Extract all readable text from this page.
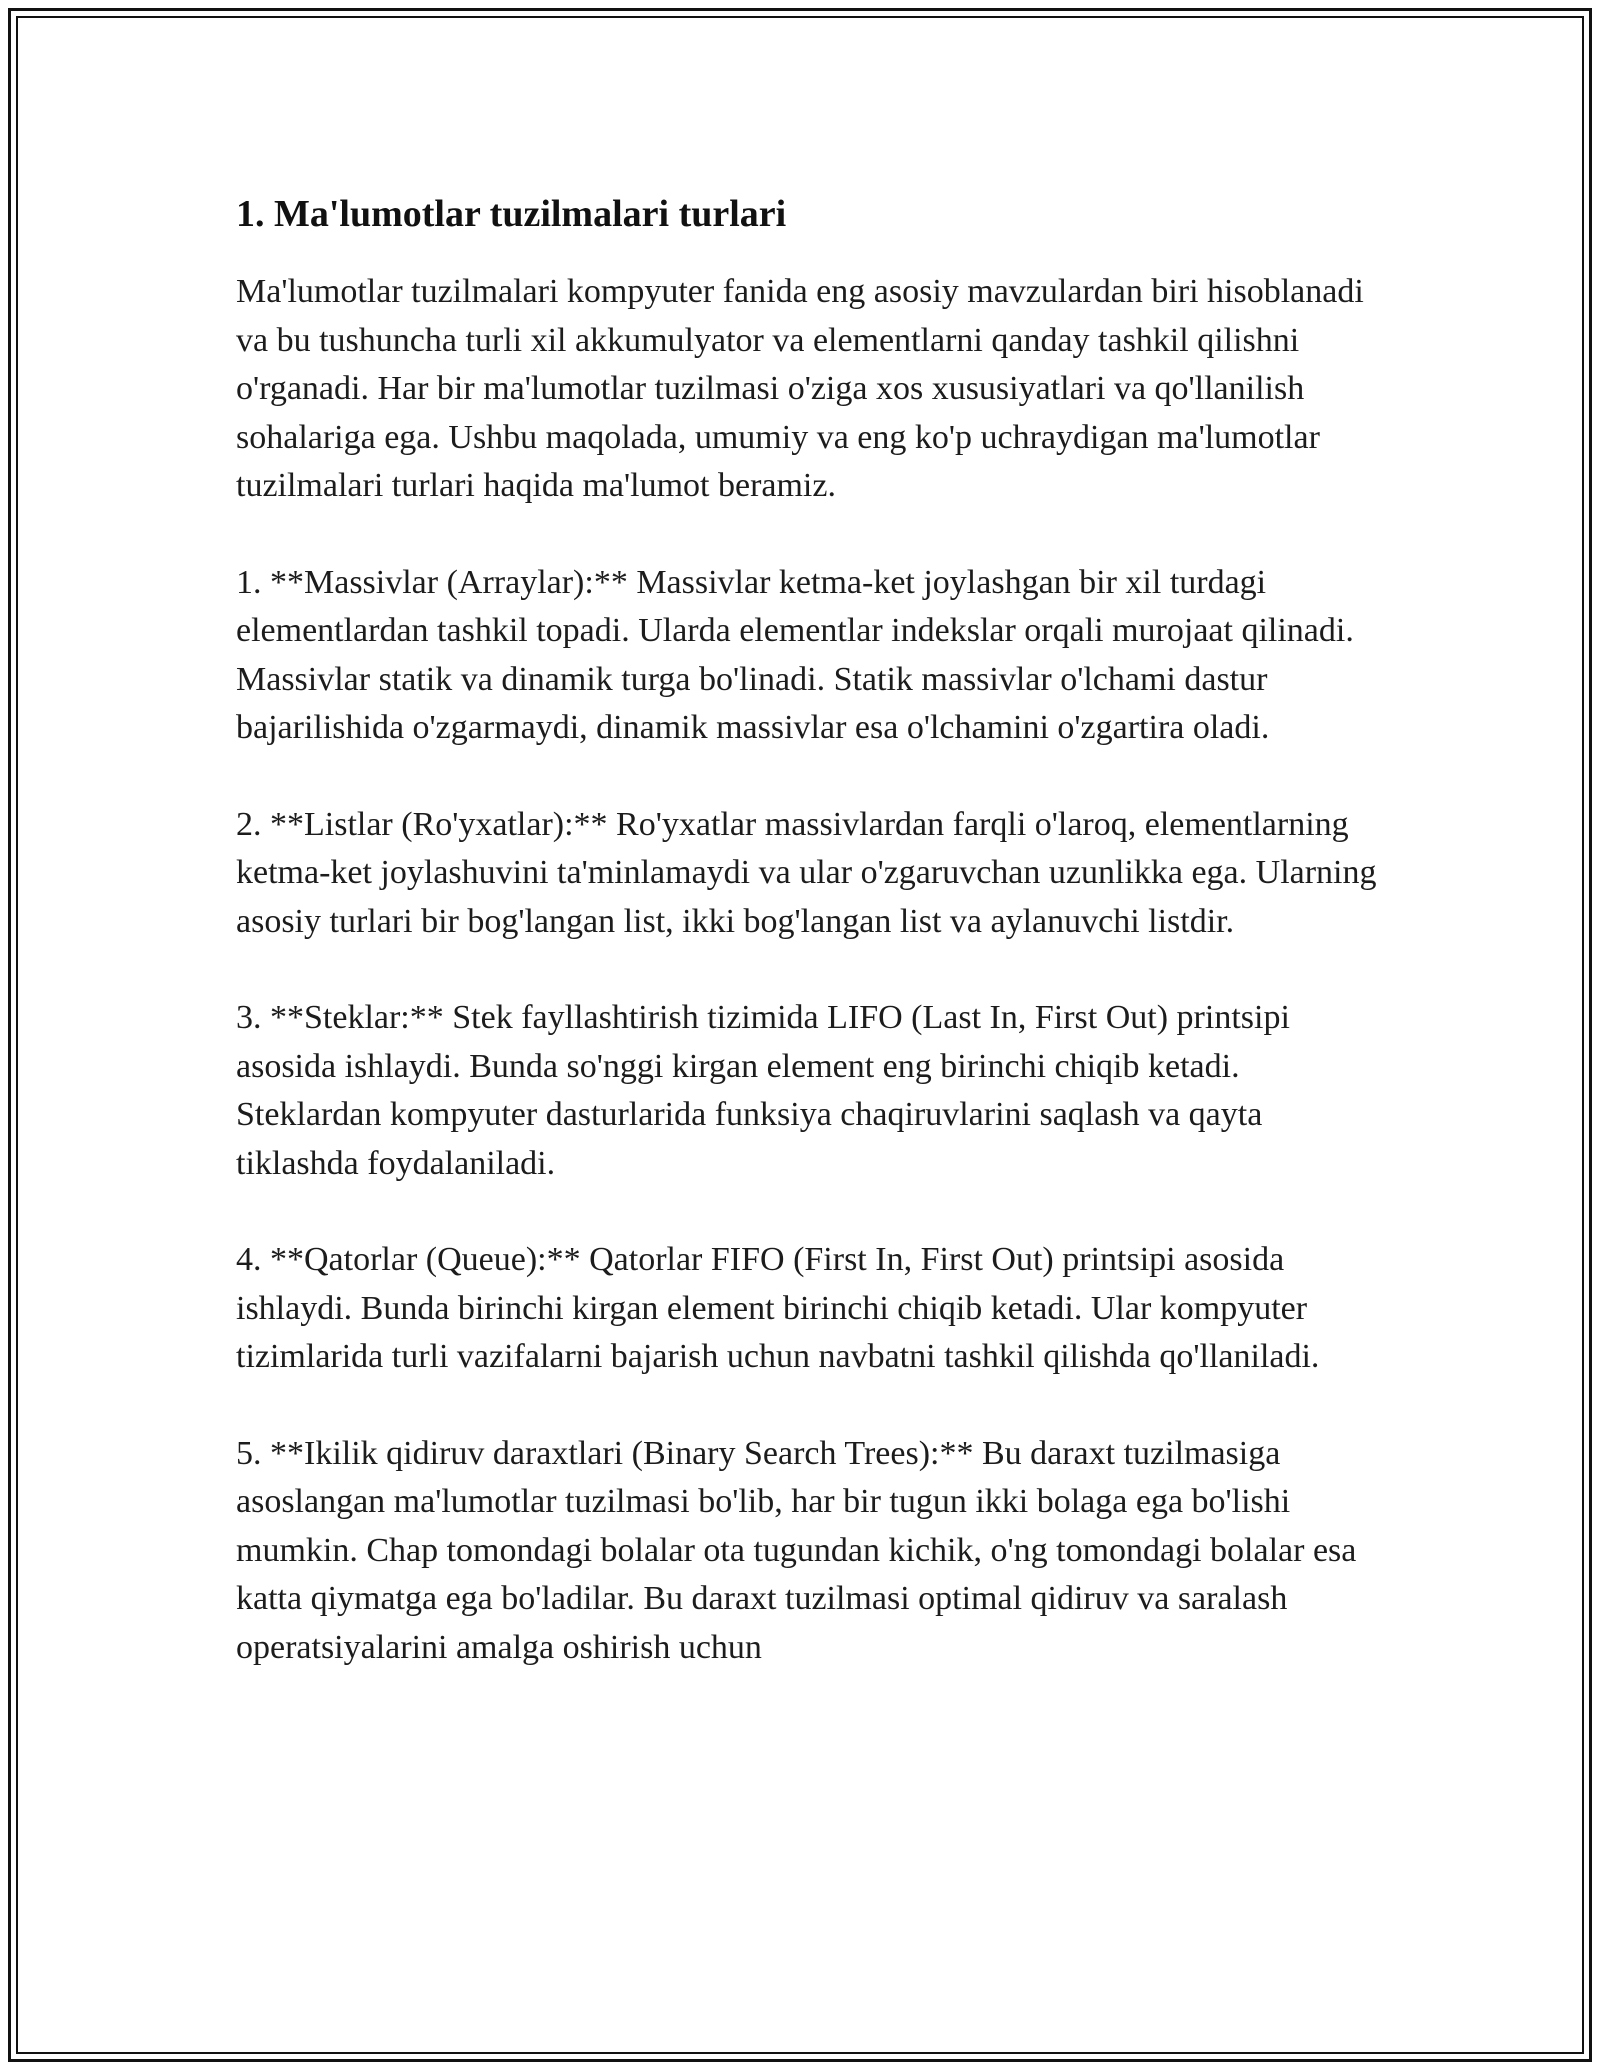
1. Ma'lumotlar tuzilmalari turlari

Ma'lumotlar tuzilmalari kompyuter fanida eng asosiy mavzulardan biri hisoblanadi va bu tushuncha turli xil akkumulyator va elementlarni qanday tashkil qilishni o'rganadi. Har bir ma'lumotlar tuzilmasi o'ziga xos xususiyatlari va qo'llanilish sohalariga ega. Ushbu maqolada, umumiy va eng ko'p uchraydigan ma'lumotlar tuzilmalari turlari haqida ma'lumot beramiz.

1. **Massivlar (Arraylar):** Massivlar ketma-ket joylashgan bir xil turdagi elementlardan tashkil topadi. Ularda elementlar indekslar orqali murojaat qilinadi. Massivlar statik va dinamik turga bo'linadi. Statik massivlar o'lchami dastur bajarilishida o'zgarmaydi, dinamik massivlar esa o'lchamini o'zgartira oladi.

2. **Listlar (Ro'yxatlar):** Ro'yxatlar massivlardan farqli o'laroq, elementlarning ketma-ket joylashuvini ta'minlamaydi va ular o'zgaruvchan uzunlikka ega. Ularning asosiy turlari bir bog'langan list, ikki bog'langan list va aylanuvchi listdir.

3. **Steklar:** Stek fayllashtirish tizimida LIFO (Last In, First Out) printsipi asosida ishlaydi. Bunda so'nggi kirgan element eng birinchi chiqib ketadi. Steklardan kompyuter dasturlarida funksiya chaqiruvlarini saqlash va qayta tiklashda foydalaniladi.

4. **Qatorlar (Queue):** Qatorlar FIFO (First In, First Out) printsipi asosida ishlaydi. Bunda birinchi kirgan element birinchi chiqib ketadi. Ular kompyuter tizimlarida turli vazifalarni bajarish uchun navbatni tashkil qilishda qo'llaniladi.

5. **Ikilik qidiruv daraxtlari (Binary Search Trees):** Bu daraxt tuzilmasiga asoslangan ma'lumotlar tuzilmasi bo'lib, har bir tugun ikki bolaga ega bo'lishi mumkin. Chap tomondagi bolalar ota tugundan kichik, o'ng tomondagi bolalar esa katta qiymatga ega bo'ladilar. Bu daraxt tuzilmasi optimal qidiruv va saralash operatsiyalarini amalga oshirish uchun
